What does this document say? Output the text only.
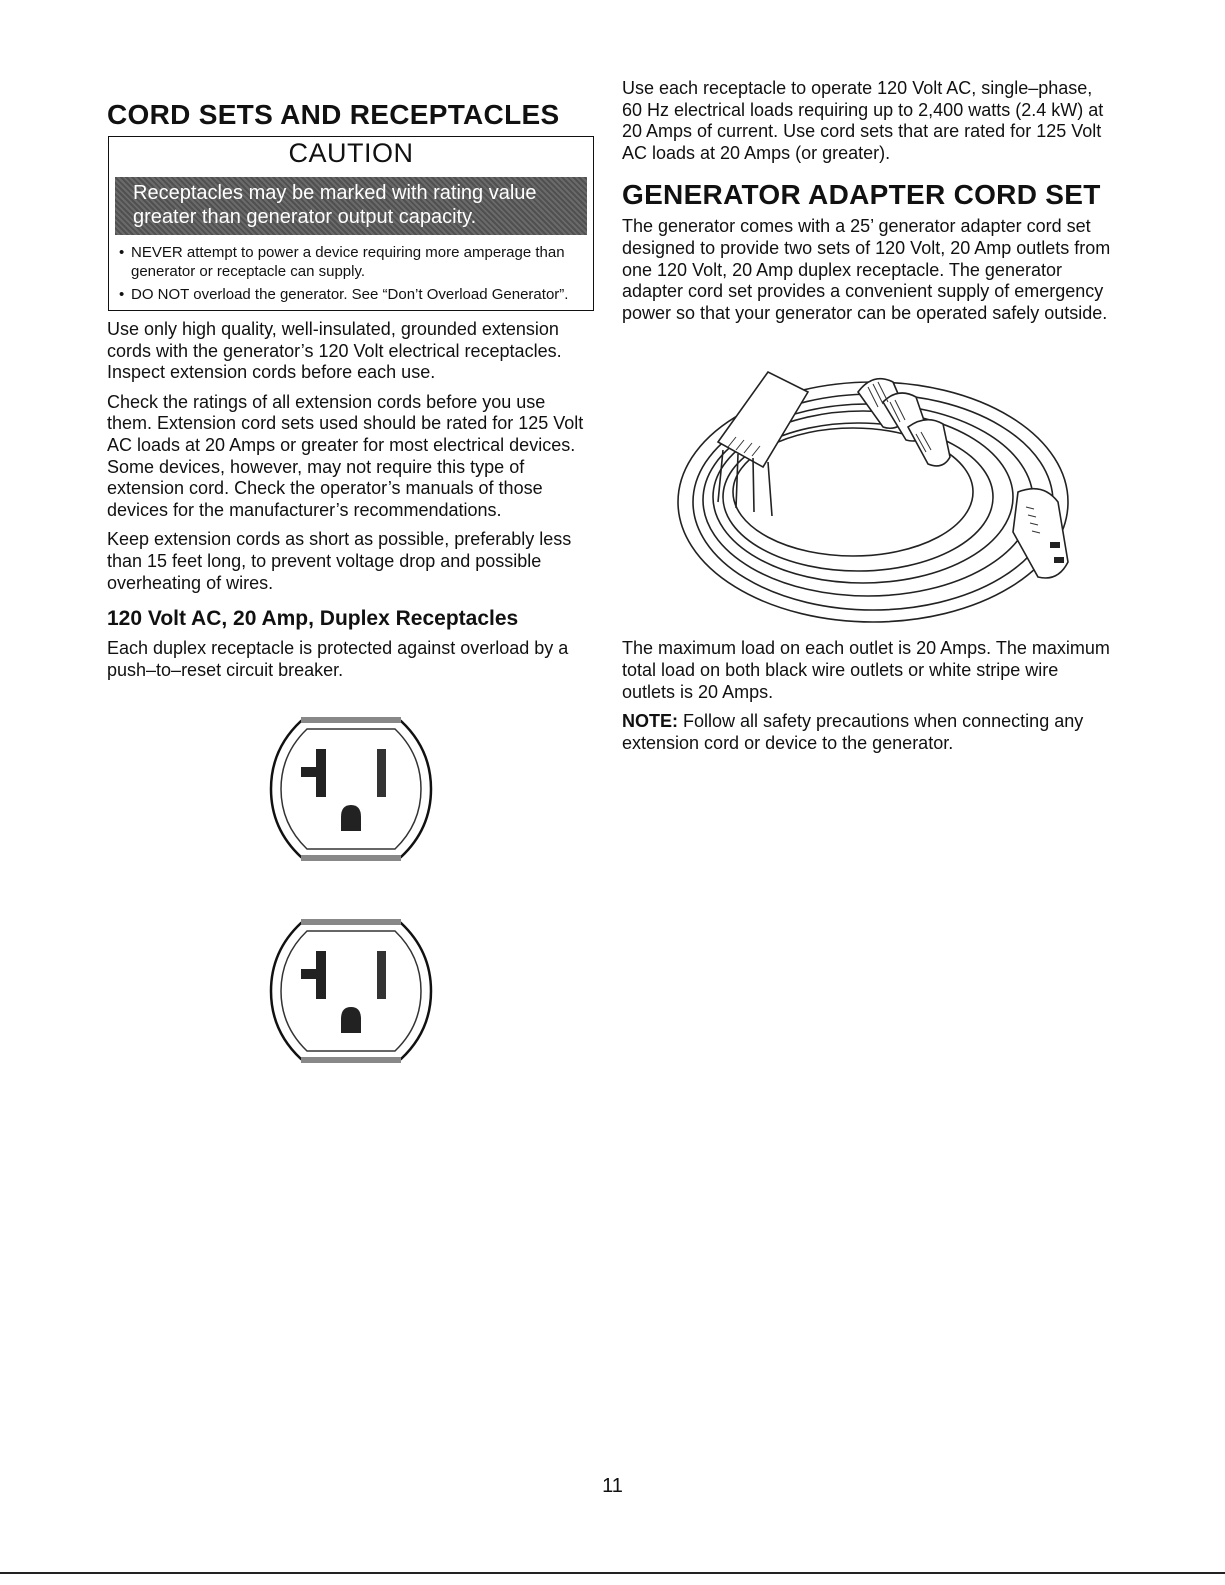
CORD SETS AND RECEPTACLES
CAUTION
Receptacles may be marked with rating value
greater than generator output capacity.
• NEVER attempt to power a device requiring more amperage than generator or receptacle can supply.
• DO NOT overload the generator. See “Don’t Overload Generator”.

Use only high quality, well-insulated, grounded extension cords with the generator’s 120 Volt electrical receptacles. Inspect extension cords before each use.

Check the ratings of all extension cords before you use them. Extension cord sets used should be rated for 125 Volt AC loads at 20 Amps or greater for most electrical devices. Some devices, however, may not require this type of extension cord. Check the operator’s manuals of those devices for the manufacturer’s recommendations.

Keep extension cords as short as possible, preferably less than 15 feet long, to prevent voltage drop and possible overheating of wires.

120 Volt AC, 20 Amp, Duplex Receptacles

Each duplex receptacle is protected against overload by a push–to–reset circuit breaker.

Use each receptacle to operate 120 Volt AC, single–phase, 60 Hz electrical loads requiring up to 2,400 watts (2.4 kW) at 20 Amps of current. Use cord sets that are rated for 125 Volt AC loads at 20 Amps (or greater).

GENERATOR ADAPTER CORD SET

The generator comes with a 25’ generator adapter cord set designed to provide two sets of 120 Volt, 20 Amp outlets from one 120 Volt, 20 Amp duplex receptacle. The generator adapter cord set provides a convenient supply of emergency power so that your generator can be operated safely outside.

The maximum load on each outlet is 20 Amps. The maximum total load on both black wire outlets or white stripe wire outlets is 20 Amps.

NOTE: Follow all safety precautions when connecting any extension cord or device to the generator.

11
